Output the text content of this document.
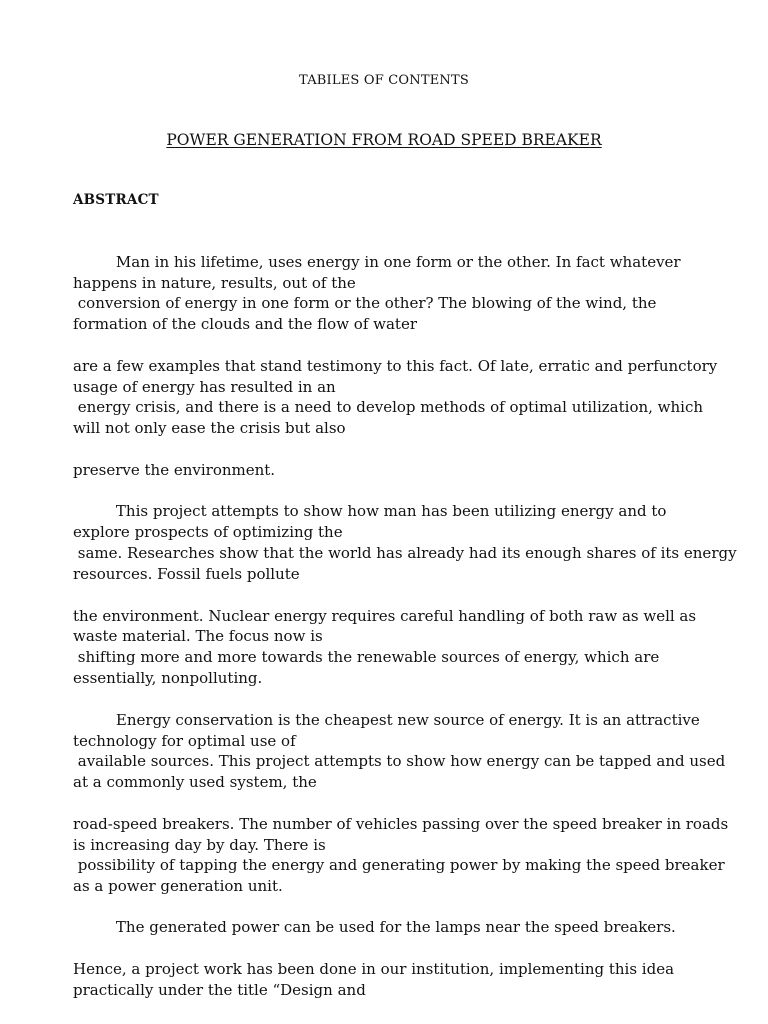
TABILES OF CONTENTS
POWER GENERATION FROM ROAD SPEED BREAKER
ABSTRACT
Man in his lifetime, uses energy in one form or the other. In fact whatever
happens in nature, results, out of the
conversion of energy in one form or the other? The blowing of the wind, the
formation of the clouds and the flow of water
are a few examples that stand testimony to this fact. Of late, erratic and perfunctory
usage of energy has resulted in an
energy crisis, and there is a need to develop methods of optimal utilization, which
will not only ease the crisis but also
preserve the environment.
This project attempts to show how man has been utilizing energy and to
explore prospects of optimizing the
same. Researches show that the world has already had its enough shares of its energy
resources. Fossil fuels pollute
the environment. Nuclear energy requires careful handling of both raw as well as
waste material. The focus now is
shifting more and more towards the renewable sources of energy, which are
essentially, nonpolluting.
Energy conservation is the cheapest new source of energy. It is an attractive
technology for optimal use of
available sources. This project attempts to show how energy can be tapped and used
at a commonly used system, the
road-speed breakers. The number of vehicles passing over the speed breaker in roads
is increasing day by day. There is
possibility of tapping the energy and generating power by making the speed breaker
as a power generation unit.
The generated power can be used for the lamps near the speed breakers.
Hence, a project work has been done in our institution, implementing this idea
practically under the title “Design and
